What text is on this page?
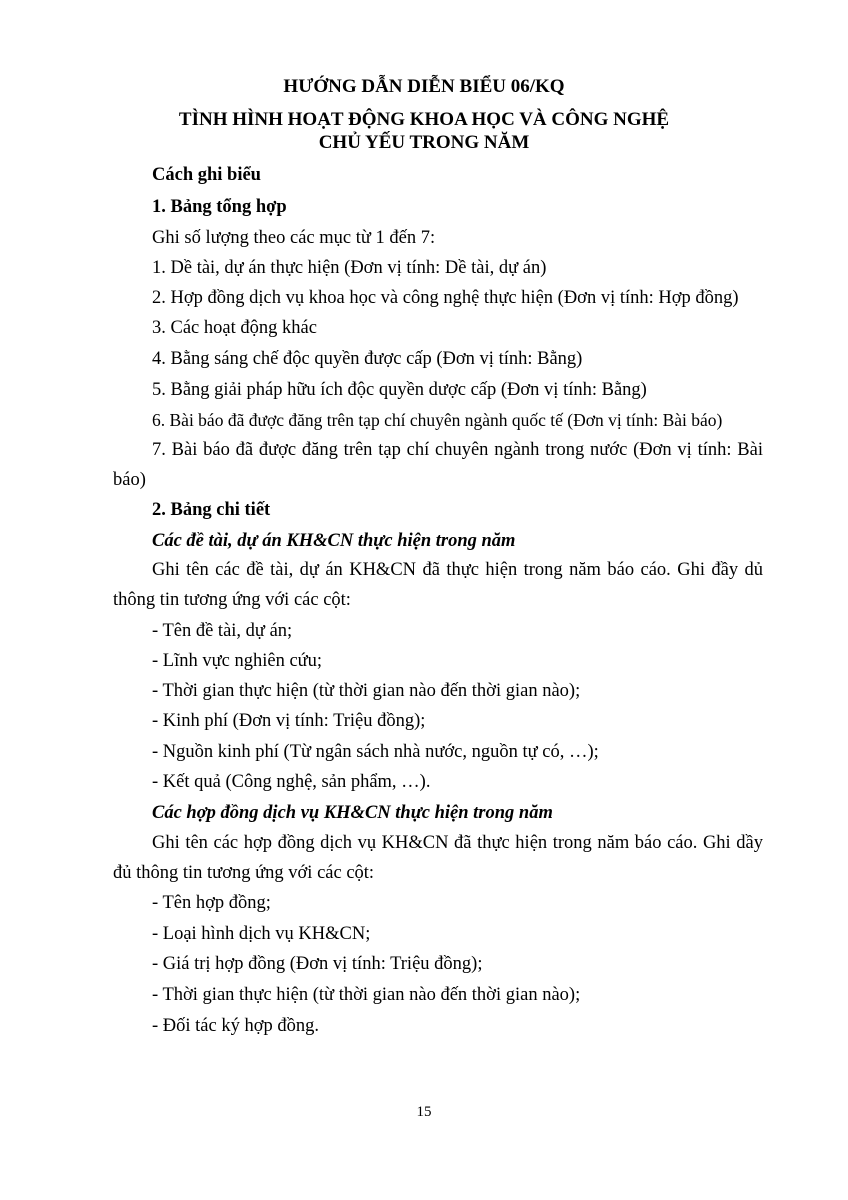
HƯỚNG DẪN DIỄN BIỂU 06/KQ
TÌNH HÌNH HOẠT ĐỘNG KHOA HỌC VÀ CÔNG NGHỆ
CHỦ YẾU TRONG NĂM
Cách ghi biểu
1. Bảng tổng hợp
Ghi số lượng theo các mục từ 1 đến 7:
1. Dề tài, dự án thực hiện (Đơn vị tính: Dề tài, dự án)
2. Hợp đồng dịch vụ khoa học và công nghệ thực hiện (Đơn vị tính: Hợp đồng)
3. Các hoạt động khác
4. Bằng sáng chế độc quyền được cấp (Đơn vị tính: Bằng)
5. Bằng giải pháp hữu ích độc quyền dược cấp (Đơn vị tính: Bằng)
6. Bài báo đã được đăng trên tạp chí chuyên ngành quốc tế (Đơn vị tính: Bài báo)
7. Bài báo đã được đăng trên tạp chí chuyên ngành trong nước (Đơn vị tính: Bài báo)
2. Bảng chi tiết
Các đề tài, dự án KH&CN thực hiện trong năm
Ghi tên các đề tài, dự án KH&CN đã thực hiện trong năm báo cáo. Ghi đầy dủ thông tin tương ứng với các cột:
- Tên đề tài, dự án;
- Lĩnh vực nghiên cứu;
- Thời gian thực hiện (từ thời gian nào đến thời gian nào);
- Kinh phí (Đơn vị tính: Triệu đồng);
- Nguồn kinh phí (Từ ngân sách nhà nước, nguồn tự có, …);
- Kết quả (Công nghệ, sản phẩm, …).
Các hợp đồng dịch vụ KH&CN thực hiện trong năm
Ghi tên các hợp đồng dịch vụ KH&CN đã thực hiện trong năm báo cáo. Ghi dầy đủ thông tin tương ứng với các cột:
- Tên hợp đồng;
- Loại hình dịch vụ KH&CN;
- Giá trị hợp đồng (Đơn vị tính: Triệu đồng);
- Thời gian thực hiện (từ thời gian nào đến thời gian nào);
- Đối tác ký hợp đồng.
15
